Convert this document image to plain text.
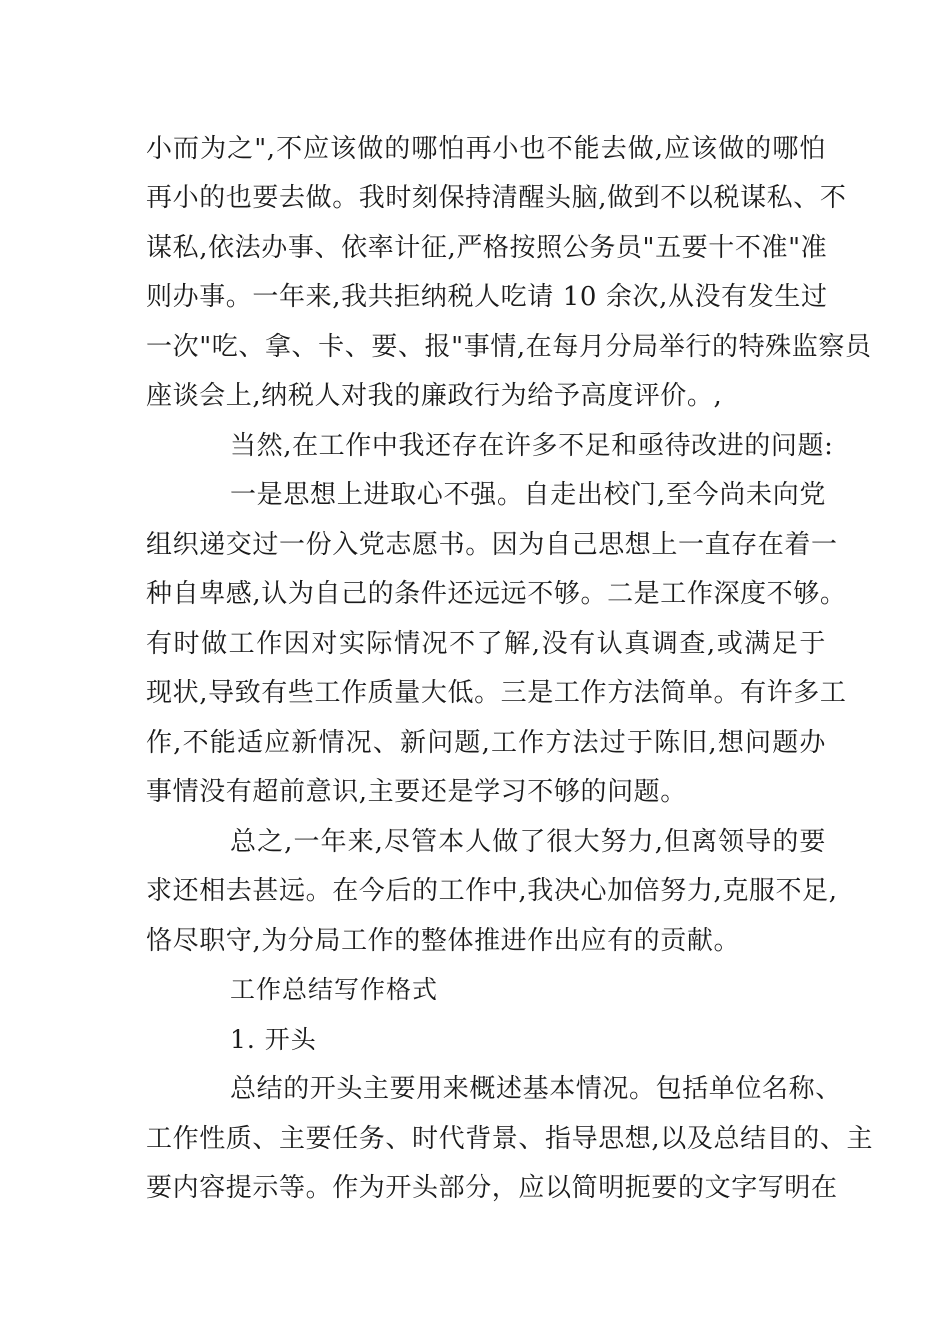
小而为之",不应该做的哪怕再小也不能去做,应该做的哪怕
再小的也要去做。我时刻保持清醒头脑,做到不以税谋私、不
谋私,依法办事、依率计征,严格按照公务员"五要十不准"准
则办事。一年来,我共拒纳税人吃请 10 余次,从没有发生过
一次"吃、拿、卡、要、报"事情,在每月分局举行的特殊监察员
座谈会上,纳税人对我的廉政行为给予高度评价。,
当然,在工作中我还存在许多不足和亟待改进的问题:
一是思想上进取心不强。自走出校门,至今尚未向党
组织递交过一份入党志愿书。因为自己思想上一直存在着一
种自卑感,认为自己的条件还远远不够。二是工作深度不够。
有时做工作因对实际情况不了解,没有认真调查,或满足于
现状,导致有些工作质量大低。三是工作方法简单。有许多工
作,不能适应新情况、新问题,工作方法过于陈旧,想问题办
事情没有超前意识,主要还是学习不够的问题。
总之,一年来,尽管本人做了很大努力,但离领导的要
求还相去甚远。在今后的工作中,我决心加倍努力,克服不足,
恪尽职守,为分局工作的整体推进作出应有的贡献。
工作总结写作格式
1. 开头
总结的开头主要用来概述基本情况。包括单位名称、
工作性质、主要任务、时代背景、指导思想,以及总结目的、主
要内容提示等。作为开头部分，应以简明扼要的文字写明在
